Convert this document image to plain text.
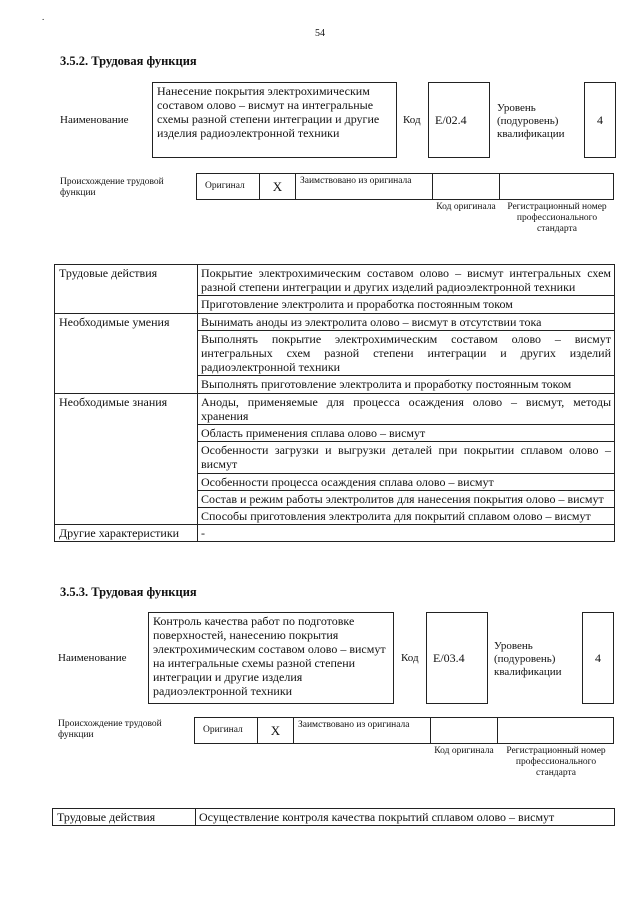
.
54
3.5.2. Трудовая функция
Наименование
Нанесение покрытия электрохимическим составом олово – висмут на интегральные схемы разной степени интеграции и другие изделия радиоэлектронной техники
Код E/02.4
Уровень (подуровень) квалификации
4
Происхождение трудовой функции
Оригинал X	Заимствовано из оригинала
Код оригинала	Регистрационный номер профессионального стандарта
Трудовые действия	Покрытие электрохимическим составом олово – висмут интегральных схем разной степени интеграции и других изделий радиоэлектронной техники
	Приготовление электролита и проработка постоянным током
Необходимые умения	Вынимать аноды из электролита олово – висмут в отсутствии тока
	Выполнять покрытие электрохимическим составом олово – висмут интегральных схем разной степени интеграции и других изделий радиоэлектронной техники
	Выполнять приготовление электролита и проработку постоянным током
Необходимые знания	Аноды, применяемые для процесса осаждения олово – висмут, методы хранения
	Область применения сплава олово – висмут
	Особенности загрузки и выгрузки деталей при покрытии сплавом олово – висмут
	Особенности процесса осаждения сплава олово – висмут
	Состав и режим работы электролитов для нанесения покрытия олово – висмут
	Способы приготовления электролита для покрытий сплавом олово – висмут
Другие характеристики	-
3.5.3. Трудовая функция
Наименование
Контроль качества работ по подготовке поверхностей, нанесению покрытия электрохимическим составом олово – висмут на интегральные схемы разной степени интеграции и другие изделия радиоэлектронной техники
Код E/03.4
Уровень (подуровень) квалификации
4
Происхождение трудовой функции	Оригинал X	Заимствовано из оригинала
Код оригинала	Регистрационный номер профессионального стандарта
Трудовые действия	Осуществление контроля качества покрытий сплавом олово – висмут
